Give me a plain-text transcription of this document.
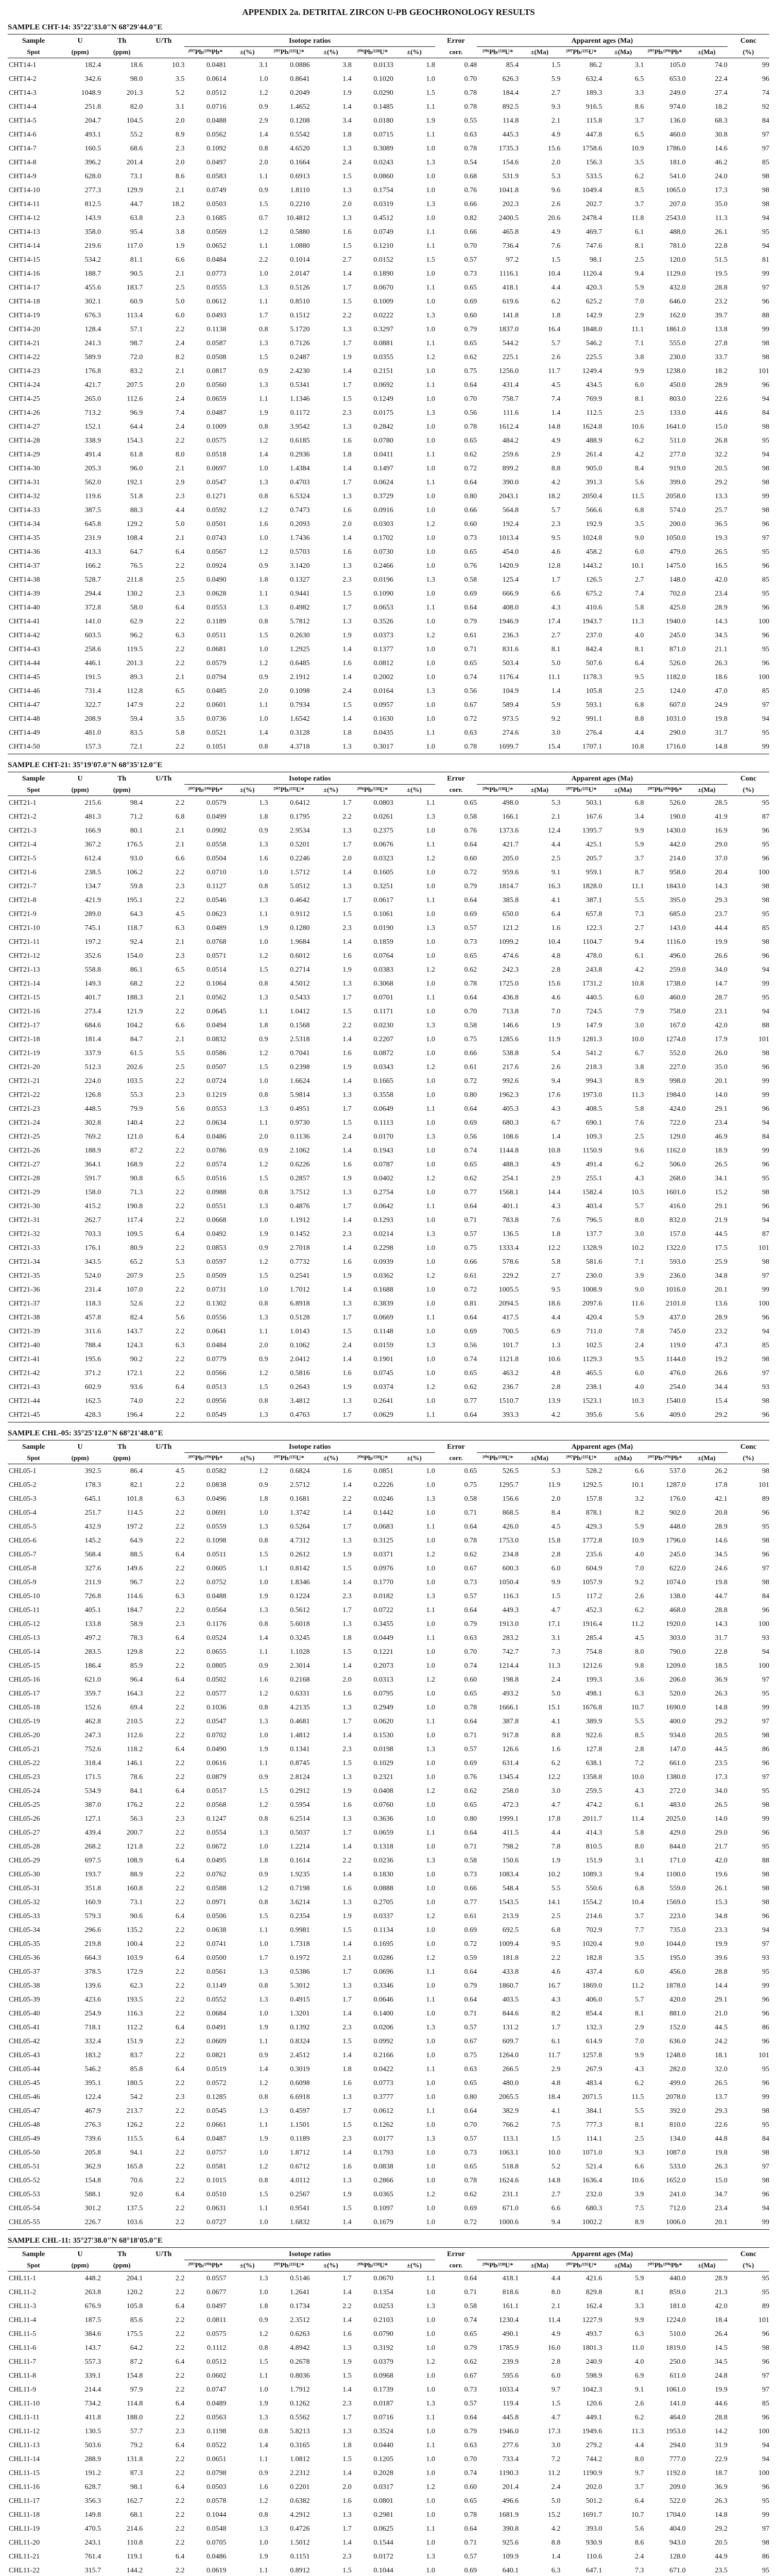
APPENDIX 2a. DETRITAL ZIRCON U-PB GEOCHRONOLOGY RESULTS
SAMPLE CHT-14: 35°22'33.0"N 68°29'44.0"E
Sample	U	Th	U/Th	Isotope ratios						Error	Apparent ages (Ma)						Conc
Spot	(ppm)	(ppm)		²⁰⁷Pb/²⁰⁶Pb*	±(%)	²⁰⁷Pb/²³⁵U*	±(%)	²⁰⁶Pb/²³⁸U*	±(%)	corr.	²⁰⁶Pb/²³⁸U*	±(Ma)	²⁰⁷Pb/²³⁵U*	±(Ma)	²⁰⁷Pb/²⁰⁶Pb*	±(Ma)	(%)
CHT14-1	182.4	18.6	10.3	0.0481	3.1	0.0886	3.8	0.0133	1.8	0.48	85.4	1.5	86.2	3.1	105.0	74.0	99
CHT14-2	342.6	98.0	3.5	0.0614	1.0	0.8641	1.4	0.1020	1.0	0.70	626.3	5.9	632.4	6.5	653.0	22.4	96
CHT14-3	1048.9	201.3	5.2	0.0512	1.2	0.2049	1.9	0.0290	1.5	0.78	184.4	2.7	189.3	3.3	249.0	27.4	74
CHT14-4	251.8	82.0	3.1	0.0716	0.9	1.4652	1.4	0.1485	1.1	0.78	892.5	9.3	916.5	8.6	974.0	18.2	92
CHT14-5	204.7	104.5	2.0	0.0488	2.9	0.1208	3.4	0.0180	1.9	0.55	114.8	2.1	115.8	3.7	136.0	68.3	84
CHT14-6	493.1	55.2	8.9	0.0562	1.4	0.5542	1.8	0.0715	1.1	0.63	445.3	4.9	447.8	6.5	460.0	30.8	97
CHT14-7	160.5	68.6	2.3	0.1092	0.8	4.6520	1.3	0.3089	1.0	0.78	1735.3	15.6	1758.6	10.9	1786.0	14.6	97
CHT14-8	396.2	201.4	2.0	0.0497	2.0	0.1664	2.4	0.0243	1.3	0.54	154.6	2.0	156.3	3.5	181.0	46.2	85
CHT14-9	628.0	73.1	8.6	0.0583	1.1	0.6913	1.5	0.0860	1.0	0.68	531.9	5.3	533.5	6.2	541.0	24.0	98
CHT14-10	277.3	129.9	2.1	0.0749	0.9	1.8110	1.3	0.1754	1.0	0.76	1041.8	9.6	1049.4	8.5	1065.0	17.3	98
CHT14-11	812.5	44.7	18.2	0.0503	1.5	0.2210	2.0	0.0319	1.3	0.66	202.3	2.6	202.7	3.7	207.0	35.0	98
CHT14-12	143.9	63.8	2.3	0.1685	0.7	10.4812	1.3	0.4512	1.0	0.82	2400.5	20.6	2478.4	11.8	2543.0	11.3	94
CHT14-13	358.0	95.4	3.8	0.0569	1.2	0.5880	1.6	0.0749	1.1	0.66	465.8	4.9	469.7	6.1	488.0	26.1	95
CHT14-14	219.6	117.0	1.9	0.0652	1.1	1.0880	1.5	0.1210	1.1	0.70	736.4	7.6	747.6	8.1	781.0	22.8	94
CHT14-15	534.2	81.1	6.6	0.0484	2.2	0.1014	2.7	0.0152	1.5	0.57	97.2	1.5	98.1	2.5	120.0	51.5	81
CHT14-16	188.7	90.5	2.1	0.0773	1.0	2.0147	1.4	0.1890	1.0	0.73	1116.1	10.4	1120.4	9.4	1129.0	19.5	99
CHT14-17	455.6	183.7	2.5	0.0555	1.3	0.5126	1.7	0.0670	1.1	0.65	418.1	4.4	420.3	5.9	432.0	28.8	97
CHT14-18	302.1	60.9	5.0	0.0612	1.1	0.8510	1.5	0.1009	1.0	0.69	619.6	6.2	625.2	7.0	646.0	23.2	96
CHT14-19	676.3	113.4	6.0	0.0493	1.7	0.1512	2.2	0.0222	1.3	0.60	141.8	1.8	142.9	2.9	162.0	39.7	88
CHT14-20	128.4	57.1	2.2	0.1138	0.8	5.1720	1.3	0.3297	1.0	0.79	1837.0	16.4	1848.0	11.1	1861.0	13.8	99
CHT14-21	241.3	98.7	2.4	0.0587	1.3	0.7126	1.7	0.0881	1.1	0.65	544.2	5.7	546.2	7.1	555.0	27.8	98
CHT14-22	589.9	72.0	8.2	0.0508	1.5	0.2487	1.9	0.0355	1.2	0.62	225.1	2.6	225.5	3.8	230.0	33.7	98
CHT14-23	176.8	83.2	2.1	0.0817	0.9	2.4230	1.4	0.2151	1.0	0.75	1256.0	11.7	1249.4	9.9	1238.0	18.2	101
CHT14-24	421.7	207.5	2.0	0.0560	1.3	0.5341	1.7	0.0692	1.1	0.64	431.4	4.5	434.5	6.0	450.0	28.9	96
CHT14-25	265.0	112.6	2.4	0.0659	1.1	1.1346	1.5	0.1249	1.0	0.70	758.7	7.4	769.9	8.1	803.0	22.6	94
CHT14-26	713.2	96.9	7.4	0.0487	1.9	0.1172	2.3	0.0175	1.3	0.56	111.6	1.4	112.5	2.5	133.0	44.6	84
CHT14-27	152.1	64.4	2.4	0.1009	0.8	3.9542	1.3	0.2842	1.0	0.78	1612.4	14.8	1624.8	10.6	1641.0	15.0	98
CHT14-28	338.9	154.3	2.2	0.0575	1.2	0.6185	1.6	0.0780	1.0	0.65	484.2	4.9	488.9	6.2	511.0	26.8	95
CHT14-29	491.4	61.8	8.0	0.0518	1.4	0.2936	1.8	0.0411	1.1	0.62	259.6	2.9	261.4	4.2	277.0	32.2	94
CHT14-30	205.3	96.0	2.1	0.0697	1.0	1.4384	1.4	0.1497	1.0	0.72	899.2	8.8	905.0	8.4	919.0	20.5	98
CHT14-31	562.0	192.1	2.9	0.0547	1.3	0.4703	1.7	0.0624	1.1	0.64	390.0	4.2	391.3	5.6	399.0	29.2	98
CHT14-32	119.6	51.8	2.3	0.1271	0.8	6.5324	1.3	0.3729	1.0	0.80	2043.1	18.2	2050.4	11.5	2058.0	13.3	99
CHT14-33	387.5	88.3	4.4	0.0592	1.2	0.7473	1.6	0.0916	1.0	0.66	564.8	5.7	566.6	6.8	574.0	25.7	98
CHT14-34	645.8	129.2	5.0	0.0501	1.6	0.2093	2.0	0.0303	1.2	0.60	192.4	2.3	192.9	3.5	200.0	36.5	96
CHT14-35	231.9	108.4	2.1	0.0743	1.0	1.7436	1.4	0.1702	1.0	0.73	1013.4	9.5	1024.8	9.0	1050.0	19.3	97
CHT14-36	413.3	64.7	6.4	0.0567	1.2	0.5703	1.6	0.0730	1.0	0.65	454.0	4.6	458.2	6.0	479.0	26.5	95
CHT14-37	166.2	76.5	2.2	0.0924	0.9	3.1420	1.3	0.2466	1.0	0.76	1420.9	12.8	1443.2	10.1	1475.0	16.5	96
CHT14-38	528.7	211.8	2.5	0.0490	1.8	0.1327	2.3	0.0196	1.3	0.58	125.4	1.7	126.5	2.7	148.0	42.0	85
CHT14-39	294.4	130.2	2.3	0.0628	1.1	0.9441	1.5	0.1090	1.0	0.69	666.9	6.6	675.2	7.4	702.0	23.4	95
CHT14-40	372.8	58.0	6.4	0.0553	1.3	0.4982	1.7	0.0653	1.1	0.64	408.0	4.3	410.6	5.8	425.0	28.9	96
CHT14-41	141.0	62.9	2.2	0.1189	0.8	5.7812	1.3	0.3526	1.0	0.79	1946.9	17.4	1943.7	11.3	1940.0	14.3	100
CHT14-42	603.5	96.2	6.3	0.0511	1.5	0.2630	1.9	0.0373	1.2	0.61	236.3	2.7	237.0	4.0	245.0	34.5	96
CHT14-43	258.6	119.5	2.2	0.0681	1.0	1.2925	1.4	0.1377	1.0	0.71	831.6	8.1	842.4	8.1	871.0	21.1	95
CHT14-44	446.1	201.3	2.2	0.0579	1.2	0.6485	1.6	0.0812	1.0	0.65	503.4	5.0	507.6	6.4	526.0	26.3	96
CHT14-45	191.5	89.3	2.1	0.0794	0.9	2.1912	1.4	0.2002	1.0	0.74	1176.4	11.1	1178.3	9.5	1182.0	18.6	100
CHT14-46	731.4	112.8	6.5	0.0485	2.0	0.1098	2.4	0.0164	1.3	0.56	104.9	1.4	105.8	2.5	124.0	47.0	85
CHT14-47	322.7	147.9	2.2	0.0601	1.1	0.7934	1.5	0.0957	1.0	0.67	589.4	5.9	593.1	6.8	607.0	24.9	97
CHT14-48	208.9	59.4	3.5	0.0736	1.0	1.6542	1.4	0.1630	1.0	0.72	973.5	9.2	991.1	8.8	1031.0	19.8	94
CHT14-49	481.0	83.5	5.8	0.0521	1.4	0.3128	1.8	0.0435	1.1	0.63	274.6	3.0	276.4	4.4	290.0	31.7	95
CHT14-50	157.3	72.1	2.2	0.1051	0.8	4.3718	1.3	0.3017	1.0	0.78	1699.7	15.4	1707.1	10.8	1716.0	14.8	99
SAMPLE CHT-21: 35°19'07.0"N 68°35'12.0"E
Sample	U	Th	U/Th	Isotope ratios						Error	Apparent ages (Ma)						Conc
Spot	(ppm)	(ppm)		²⁰⁷Pb/²⁰⁶Pb*	±(%)	²⁰⁷Pb/²³⁵U*	±(%)	²⁰⁶Pb/²³⁸U*	±(%)	corr.	²⁰⁶Pb/²³⁸U*	±(Ma)	²⁰⁷Pb/²³⁵U*	±(Ma)	²⁰⁷Pb/²⁰⁶Pb*	±(Ma)	(%)
CHT21-1	215.6	98.4	2.2	0.0579	1.3	0.6412	1.7	0.0803	1.1	0.65	498.0	5.3	503.1	6.8	526.0	28.5	95
CHT21-2	481.3	71.2	6.8	0.0499	1.8	0.1795	2.2	0.0261	1.3	0.58	166.1	2.1	167.6	3.4	190.0	41.9	87
CHT21-3	166.9	80.1	2.1	0.0902	0.9	2.9534	1.3	0.2375	1.0	0.76	1373.6	12.4	1395.7	9.9	1430.0	16.9	96
CHT21-4	367.2	176.5	2.1	0.0558	1.3	0.5201	1.7	0.0676	1.1	0.64	421.7	4.4	425.1	5.9	442.0	29.0	95
CHT21-5	612.4	93.0	6.6	0.0504	1.6	0.2246	2.0	0.0323	1.2	0.60	205.0	2.5	205.7	3.7	214.0	37.0	96
CHT21-6	238.5	106.2	2.2	0.0710	1.0	1.5712	1.4	0.1605	1.0	0.72	959.6	9.1	959.1	8.7	958.0	20.4	100
CHT21-7	134.7	59.8	2.3	0.1127	0.8	5.0512	1.3	0.3251	1.0	0.79	1814.7	16.3	1828.0	11.1	1843.0	14.3	98
CHT21-8	421.9	195.1	2.2	0.0546	1.3	0.4642	1.7	0.0617	1.1	0.64	385.8	4.1	387.1	5.5	395.0	29.3	98
CHT21-9	289.0	64.3	4.5	0.0623	1.1	0.9112	1.5	0.1061	1.0	0.69	650.0	6.4	657.8	7.3	685.0	23.7	95
CHT21-10	745.1	118.7	6.3	0.0489	1.9	0.1280	2.3	0.0190	1.3	0.57	121.2	1.6	122.3	2.7	143.0	44.4	85
CHT21-11	197.2	92.4	2.1	0.0768	1.0	1.9684	1.4	0.1859	1.0	0.73	1099.2	10.4	1104.7	9.4	1116.0	19.9	98
CHT21-12	352.6	154.0	2.3	0.0571	1.2	0.6012	1.6	0.0764	1.0	0.65	474.6	4.8	478.0	6.1	496.0	26.6	96
CHT21-13	558.8	86.1	6.5	0.0514	1.5	0.2714	1.9	0.0383	1.2	0.62	242.3	2.8	243.8	4.2	259.0	34.0	94
CHT21-14	149.3	68.2	2.2	0.1064	0.8	4.5012	1.3	0.3068	1.0	0.78	1725.0	15.6	1731.2	10.8	1738.0	14.7	99
CHT21-15	401.7	188.3	2.1	0.0562	1.3	0.5433	1.7	0.0701	1.1	0.64	436.8	4.6	440.5	6.0	460.0	28.7	95
CHT21-16	273.4	121.9	2.2	0.0645	1.1	1.0412	1.5	0.1171	1.0	0.70	713.8	7.0	724.5	7.9	758.0	23.1	94
CHT21-17	684.6	104.2	6.6	0.0494	1.8	0.1568	2.2	0.0230	1.3	0.58	146.6	1.9	147.9	3.0	167.0	42.0	88
CHT21-18	181.4	84.7	2.1	0.0832	0.9	2.5318	1.4	0.2207	1.0	0.75	1285.6	11.9	1281.3	10.0	1274.0	17.9	101
CHT21-19	337.9	61.5	5.5	0.0586	1.2	0.7041	1.6	0.0872	1.0	0.66	538.8	5.4	541.2	6.7	552.0	26.0	98
CHT21-20	512.3	202.6	2.5	0.0507	1.5	0.2398	1.9	0.0343	1.2	0.61	217.6	2.6	218.3	3.8	227.0	35.0	96
CHT21-21	224.0	103.5	2.2	0.0724	1.0	1.6624	1.4	0.1665	1.0	0.72	992.6	9.4	994.3	8.9	998.0	20.1	99
CHT21-22	126.8	55.3	2.3	0.1219	0.8	5.9814	1.3	0.3558	1.0	0.80	1962.3	17.6	1973.0	11.3	1984.0	14.0	99
CHT21-23	448.5	79.9	5.6	0.0553	1.3	0.4951	1.7	0.0649	1.1	0.64	405.3	4.3	408.5	5.8	424.0	29.1	96
CHT21-24	302.8	140.4	2.2	0.0634	1.1	0.9730	1.5	0.1113	1.0	0.69	680.3	6.7	690.1	7.6	722.0	23.4	94
CHT21-25	769.2	121.0	6.4	0.0486	2.0	0.1136	2.4	0.0170	1.3	0.56	108.6	1.4	109.3	2.5	129.0	46.9	84
CHT21-26	188.9	87.2	2.2	0.0786	0.9	2.1062	1.4	0.1943	1.0	0.74	1144.8	10.8	1150.9	9.6	1162.0	18.9	99
CHT21-27	364.1	168.9	2.2	0.0574	1.2	0.6226	1.6	0.0787	1.0	0.65	488.3	4.9	491.4	6.2	506.0	26.5	96
CHT21-28	591.7	90.8	6.5	0.0516	1.5	0.2857	1.9	0.0402	1.2	0.62	254.1	2.9	255.1	4.3	268.0	34.1	95
CHT21-29	158.0	71.3	2.2	0.0988	0.8	3.7512	1.3	0.2754	1.0	0.77	1568.1	14.4	1582.4	10.5	1601.0	15.2	98
CHT21-30	415.2	190.8	2.2	0.0551	1.3	0.4876	1.7	0.0642	1.1	0.64	401.1	4.3	403.4	5.7	416.0	29.1	96
CHT21-31	262.7	117.4	2.2	0.0668	1.0	1.1912	1.4	0.1293	1.0	0.71	783.8	7.6	796.5	8.0	832.0	21.9	94
CHT21-32	703.3	109.5	6.4	0.0492	1.9	0.1452	2.3	0.0214	1.3	0.57	136.5	1.8	137.7	3.0	157.0	44.5	87
CHT21-33	176.1	80.9	2.2	0.0853	0.9	2.7018	1.4	0.2298	1.0	0.75	1333.4	12.2	1328.9	10.2	1322.0	17.5	101
CHT21-34	343.5	65.2	5.3	0.0597	1.2	0.7732	1.6	0.0939	1.0	0.66	578.6	5.8	581.6	7.1	593.0	25.9	98
CHT21-35	524.0	207.9	2.5	0.0509	1.5	0.2541	1.9	0.0362	1.2	0.61	229.2	2.7	230.0	3.9	236.0	34.8	97
CHT21-36	231.4	107.0	2.2	0.0731	1.0	1.7012	1.4	0.1688	1.0	0.72	1005.5	9.5	1008.9	9.0	1016.0	20.1	99
CHT21-37	118.3	52.6	2.2	0.1302	0.8	6.8918	1.3	0.3839	1.0	0.81	2094.5	18.6	2097.6	11.6	2101.0	13.6	100
CHT21-38	457.8	82.4	5.6	0.0556	1.3	0.5128	1.7	0.0669	1.1	0.64	417.5	4.4	420.4	5.9	437.0	28.9	96
CHT21-39	311.6	143.7	2.2	0.0641	1.1	1.0143	1.5	0.1148	1.0	0.69	700.5	6.9	711.0	7.8	745.0	23.2	94
CHT21-40	788.4	124.3	6.3	0.0484	2.0	0.1062	2.4	0.0159	1.3	0.56	101.7	1.3	102.5	2.4	119.0	47.3	85
CHT21-41	195.6	90.2	2.2	0.0779	0.9	2.0412	1.4	0.1901	1.0	0.74	1121.8	10.6	1129.3	9.5	1144.0	19.2	98
CHT21-42	371.2	172.1	2.2	0.0566	1.2	0.5816	1.6	0.0745	1.0	0.65	463.2	4.8	465.5	6.0	476.0	26.6	97
CHT21-43	602.9	93.6	6.4	0.0513	1.5	0.2643	1.9	0.0374	1.2	0.62	236.7	2.8	238.1	4.0	254.0	34.4	93
CHT21-44	162.5	74.0	2.2	0.0956	0.8	3.4812	1.3	0.2641	1.0	0.77	1510.7	13.9	1523.1	10.3	1540.0	15.4	98
CHT21-45	428.3	196.4	2.2	0.0549	1.3	0.4763	1.7	0.0629	1.1	0.64	393.3	4.2	395.6	5.6	409.0	29.2	96
SAMPLE CHL-05: 35°25'12.0"N 68°21'48.0"E
Sample	U	Th	U/Th	Isotope ratios						Error	Apparent ages (Ma)						Conc
Spot	(ppm)	(ppm)		²⁰⁷Pb/²⁰⁶Pb*	±(%)	²⁰⁷Pb/²³⁵U*	±(%)	²⁰⁶Pb/²³⁸U*	±(%)	corr.	²⁰⁶Pb/²³⁸U*	±(Ma)	²⁰⁷Pb/²³⁵U*	±(Ma)	²⁰⁷Pb/²⁰⁶Pb*	±(Ma)	(%)
CHL05-1	392.5	86.4	4.5	0.0582	1.2	0.6824	1.6	0.0851	1.0	0.65	526.5	5.3	528.2	6.6	537.0	26.2	98
CHL05-2	178.3	82.1	2.2	0.0838	0.9	2.5712	1.4	0.2226	1.0	0.75	1295.7	11.9	1292.5	10.1	1287.0	17.8	101
CHL05-3	645.1	101.8	6.3	0.0496	1.8	0.1681	2.2	0.0246	1.3	0.58	156.6	2.0	157.8	3.2	176.0	42.1	89
CHL05-4	251.7	114.5	2.2	0.0691	1.0	1.3742	1.4	0.1442	1.0	0.71	868.5	8.4	878.1	8.2	902.0	20.8	96
CHL05-5	432.9	197.2	2.2	0.0559	1.3	0.5264	1.7	0.0683	1.1	0.64	426.0	4.5	429.3	5.9	448.0	28.9	95
CHL05-6	145.2	64.9	2.2	0.1098	0.8	4.7312	1.3	0.3125	1.0	0.78	1753.0	15.8	1772.8	10.9	1796.0	14.6	98
CHL05-7	568.4	88.5	6.4	0.0511	1.5	0.2612	1.9	0.0371	1.2	0.62	234.8	2.8	235.6	4.0	245.0	34.5	96
CHL05-8	327.6	149.6	2.2	0.0605	1.1	0.8142	1.5	0.0976	1.0	0.67	600.3	6.0	604.9	7.0	622.0	24.6	97
CHL05-9	211.9	96.7	2.2	0.0752	1.0	1.8346	1.4	0.1770	1.0	0.73	1050.4	9.9	1057.9	9.2	1074.0	19.8	98
CHL05-10	726.8	114.6	6.3	0.0488	1.9	0.1224	2.3	0.0182	1.3	0.57	116.3	1.5	117.2	2.6	138.0	44.7	84
CHL05-11	405.1	184.7	2.2	0.0564	1.3	0.5612	1.7	0.0722	1.1	0.64	449.3	4.7	452.3	6.2	468.0	28.8	96
CHL05-12	133.8	58.9	2.3	0.1176	0.8	5.6018	1.3	0.3455	1.0	0.79	1913.0	17.1	1916.4	11.2	1920.0	14.3	100
CHL05-13	497.2	78.3	6.4	0.0524	1.4	0.3245	1.8	0.0449	1.1	0.63	283.2	3.1	285.4	4.5	303.0	31.7	93
CHL05-14	283.5	129.8	2.2	0.0655	1.1	1.1028	1.5	0.1221	1.0	0.70	742.7	7.3	754.8	8.0	790.0	22.8	94
CHL05-15	186.4	85.9	2.2	0.0805	0.9	2.3014	1.4	0.2073	1.0	0.74	1214.4	11.3	1212.6	9.8	1209.0	18.5	100
CHL05-16	621.0	96.4	6.4	0.0502	1.6	0.2168	2.0	0.0313	1.2	0.60	198.8	2.4	199.3	3.6	206.0	36.9	97
CHL05-17	359.7	164.3	2.2	0.0577	1.2	0.6331	1.6	0.0795	1.0	0.65	493.2	5.0	498.1	6.3	520.0	26.3	95
CHL05-18	152.6	69.4	2.2	0.1036	0.8	4.2135	1.3	0.2949	1.0	0.78	1666.1	15.1	1676.8	10.7	1690.0	14.8	99
CHL05-19	462.8	210.5	2.2	0.0547	1.3	0.4681	1.7	0.0620	1.1	0.64	387.8	4.1	389.9	5.5	400.0	29.2	97
CHL05-20	247.3	112.6	2.2	0.0702	1.0	1.4812	1.4	0.1530	1.0	0.71	917.8	8.8	922.6	8.5	934.0	20.5	98
CHL05-21	752.6	118.2	6.4	0.0490	1.9	0.1341	2.3	0.0198	1.3	0.57	126.6	1.6	127.8	2.8	147.0	44.5	86
CHL05-22	318.4	146.1	2.2	0.0616	1.1	0.8745	1.5	0.1029	1.0	0.69	631.4	6.2	638.1	7.2	661.0	23.5	96
CHL05-23	171.5	78.6	2.2	0.0879	0.9	2.8124	1.3	0.2321	1.0	0.76	1345.4	12.2	1358.8	10.0	1380.0	17.3	97
CHL05-24	534.9	84.1	6.4	0.0517	1.5	0.2912	1.9	0.0408	1.2	0.62	258.0	3.0	259.5	4.3	272.0	34.0	95
CHL05-25	387.0	176.2	2.2	0.0568	1.2	0.5954	1.6	0.0760	1.0	0.65	472.3	4.7	474.2	6.1	483.0	26.5	98
CHL05-26	127.1	56.3	2.3	0.1247	0.8	6.2514	1.3	0.3636	1.0	0.80	1999.1	17.8	2011.7	11.4	2025.0	14.0	99
CHL05-27	439.4	200.7	2.2	0.0554	1.3	0.5037	1.7	0.0659	1.1	0.64	411.5	4.4	414.3	5.8	429.0	29.0	96
CHL05-28	268.2	121.8	2.2	0.0672	1.0	1.2214	1.4	0.1318	1.0	0.71	798.2	7.8	810.5	8.0	844.0	21.7	95
CHL05-29	697.5	108.9	6.4	0.0495	1.8	0.1614	2.2	0.0236	1.3	0.58	150.6	1.9	151.9	3.1	171.0	42.0	88
CHL05-30	193.7	88.9	2.2	0.0762	0.9	1.9235	1.4	0.1830	1.0	0.73	1083.4	10.2	1089.3	9.4	1100.0	19.6	98
CHL05-31	351.8	160.8	2.2	0.0588	1.2	0.7198	1.6	0.0888	1.0	0.66	548.4	5.5	550.6	6.8	559.0	26.1	98
CHL05-32	160.9	73.1	2.2	0.0971	0.8	3.6214	1.3	0.2705	1.0	0.77	1543.5	14.1	1554.2	10.4	1569.0	15.3	98
CHL05-33	579.3	90.6	6.4	0.0506	1.5	0.2354	1.9	0.0337	1.2	0.61	213.9	2.5	214.6	3.7	223.0	34.8	96
CHL05-34	296.6	135.2	2.2	0.0638	1.1	0.9981	1.5	0.1134	1.0	0.69	692.5	6.8	702.9	7.7	735.0	23.3	94
CHL05-35	219.8	100.4	2.2	0.0741	1.0	1.7318	1.4	0.1695	1.0	0.72	1009.4	9.5	1020.4	9.0	1044.0	19.9	97
CHL05-36	664.3	103.9	6.4	0.0500	1.7	0.1972	2.1	0.0286	1.2	0.59	181.8	2.2	182.8	3.5	195.0	39.6	93
CHL05-37	378.5	172.9	2.2	0.0561	1.3	0.5386	1.7	0.0696	1.1	0.64	433.8	4.6	437.4	6.0	456.0	28.8	95
CHL05-38	139.6	62.3	2.2	0.1149	0.8	5.3012	1.3	0.3346	1.0	0.79	1860.7	16.7	1869.0	11.2	1878.0	14.4	99
CHL05-39	423.6	193.5	2.2	0.0552	1.3	0.4915	1.7	0.0646	1.1	0.64	403.5	4.3	406.0	5.7	420.0	29.1	96
CHL05-40	254.9	116.3	2.2	0.0684	1.0	1.3201	1.4	0.1400	1.0	0.71	844.6	8.2	854.4	8.1	881.0	21.0	96
CHL05-41	718.1	112.2	6.4	0.0491	1.9	0.1392	2.3	0.0206	1.3	0.57	131.2	1.7	132.3	2.9	152.0	44.5	86
CHL05-42	332.4	151.9	2.2	0.0609	1.1	0.8324	1.5	0.0992	1.0	0.67	609.7	6.1	614.9	7.0	636.0	24.2	96
CHL05-43	183.2	83.7	2.2	0.0821	0.9	2.4512	1.4	0.2166	1.0	0.75	1264.0	11.7	1257.8	9.9	1248.0	18.1	101
CHL05-44	546.2	85.8	6.4	0.0519	1.4	0.3019	1.8	0.0422	1.1	0.63	266.5	2.9	267.9	4.3	282.0	32.0	95
CHL05-45	395.1	180.5	2.2	0.0572	1.2	0.6098	1.6	0.0773	1.0	0.65	480.0	4.8	483.4	6.2	499.0	26.5	96
CHL05-46	122.4	54.2	2.3	0.1285	0.8	6.6918	1.3	0.3777	1.0	0.80	2065.5	18.4	2071.5	11.5	2078.0	13.7	99
CHL05-47	467.9	213.7	2.2	0.0545	1.3	0.4597	1.7	0.0612	1.1	0.64	382.9	4.1	384.1	5.5	392.0	29.3	98
CHL05-48	276.3	126.2	2.2	0.0661	1.1	1.1501	1.5	0.1262	1.0	0.70	766.2	7.5	777.3	8.1	810.0	22.6	95
CHL05-49	739.6	115.5	6.4	0.0487	1.9	0.1189	2.3	0.0177	1.3	0.57	113.1	1.5	114.1	2.5	134.0	44.8	84
CHL05-50	205.8	94.1	2.2	0.0757	1.0	1.8712	1.4	0.1793	1.0	0.73	1063.1	10.0	1071.0	9.3	1087.0	19.8	98
CHL05-51	362.9	165.8	2.2	0.0581	1.2	0.6712	1.6	0.0838	1.0	0.65	518.8	5.2	521.4	6.6	533.0	26.3	97
CHL05-52	154.8	70.6	2.2	0.1015	0.8	4.0112	1.3	0.2866	1.0	0.78	1624.6	14.8	1636.4	10.6	1652.0	15.0	98
CHL05-53	588.1	92.0	6.4	0.0510	1.5	0.2567	1.9	0.0365	1.2	0.62	231.1	2.7	232.0	3.9	241.0	34.7	96
CHL05-54	301.2	137.5	2.2	0.0631	1.1	0.9541	1.5	0.1097	1.0	0.69	671.0	6.6	680.3	7.5	712.0	23.4	94
CHL05-55	226.7	103.6	2.2	0.0727	1.0	1.6832	1.4	0.1679	1.0	0.72	1000.6	9.4	1002.2	8.9	1006.0	20.1	99
SAMPLE CHL-11: 35°27'38.0"N 68°18'05.0"E
Sample	U	Th	U/Th	Isotope ratios						Error	Apparent ages (Ma)						Conc
Spot	(ppm)	(ppm)		²⁰⁷Pb/²⁰⁶Pb*	±(%)	²⁰⁷Pb/²³⁵U*	±(%)	²⁰⁶Pb/²³⁸U*	±(%)	corr.	²⁰⁶Pb/²³⁸U*	±(Ma)	²⁰⁷Pb/²³⁵U*	±(Ma)	²⁰⁷Pb/²⁰⁶Pb*	±(Ma)	(%)
CHL11-1	448.2	204.1	2.2	0.0557	1.3	0.5146	1.7	0.0670	1.1	0.64	418.1	4.4	421.6	5.9	440.0	28.9	95
CHL11-2	263.8	120.2	2.2	0.0677	1.0	1.2641	1.4	0.1354	1.0	0.71	818.6	8.0	829.8	8.1	859.0	21.3	95
CHL11-3	676.9	105.8	6.4	0.0497	1.8	0.1734	2.2	0.0253	1.3	0.58	161.1	2.1	162.4	3.3	181.0	42.0	89
CHL11-4	187.5	85.6	2.2	0.0811	0.9	2.3512	1.4	0.2103	1.0	0.74	1230.4	11.4	1227.9	9.9	1224.0	18.4	101
CHL11-5	384.6	175.5	2.2	0.0575	1.2	0.6263	1.6	0.0790	1.0	0.65	490.1	4.9	493.7	6.3	510.0	26.4	96
CHL11-6	143.7	64.2	2.2	0.1112	0.8	4.8942	1.3	0.3192	1.0	0.79	1785.9	16.0	1801.3	11.0	1819.0	14.5	98
CHL11-7	557.3	87.2	6.4	0.0512	1.5	0.2678	1.9	0.0379	1.2	0.62	239.9	2.8	240.9	4.0	250.0	34.5	96
CHL11-8	339.1	154.8	2.2	0.0602	1.1	0.8036	1.5	0.0968	1.0	0.67	595.6	6.0	598.9	6.9	611.0	24.8	97
CHL11-9	214.4	97.9	2.2	0.0747	1.0	1.7912	1.4	0.1739	1.0	0.73	1033.4	9.7	1042.3	9.1	1061.0	19.9	97
CHL11-10	734.2	114.8	6.4	0.0489	1.9	0.1262	2.3	0.0187	1.3	0.57	119.4	1.5	120.6	2.6	141.0	44.6	85
CHL11-11	411.8	188.0	2.2	0.0563	1.3	0.5562	1.7	0.0716	1.1	0.64	445.8	4.7	449.1	6.2	464.0	28.8	96
CHL11-12	130.5	57.7	2.3	0.1198	0.8	5.8213	1.3	0.3524	1.0	0.79	1946.0	17.3	1949.6	11.3	1953.0	14.2	100
CHL11-13	503.6	79.2	6.4	0.0522	1.4	0.3165	1.8	0.0440	1.1	0.63	277.6	3.0	279.2	4.4	294.0	31.9	94
CHL11-14	288.9	131.8	2.2	0.0651	1.1	1.0812	1.5	0.1205	1.0	0.70	733.4	7.2	744.2	8.0	777.0	22.9	94
CHL11-15	191.2	87.3	2.2	0.0798	0.9	2.2312	1.4	0.2028	1.0	0.74	1190.3	11.2	1190.9	9.7	1192.0	18.7	100
CHL11-16	628.7	98.1	6.4	0.0503	1.6	0.2201	2.0	0.0317	1.2	0.60	201.4	2.4	202.0	3.7	209.0	36.9	96
CHL11-17	356.3	162.7	2.2	0.0578	1.2	0.6382	1.6	0.0801	1.0	0.65	496.6	5.0	501.2	6.4	522.0	26.3	95
CHL11-18	149.8	68.1	2.2	0.1044	0.8	4.2912	1.3	0.2981	1.0	0.78	1681.9	15.2	1691.7	10.7	1704.0	14.8	99
CHL11-19	470.5	214.6	2.2	0.0548	1.3	0.4726	1.7	0.0625	1.1	0.64	390.8	4.2	393.0	5.6	404.0	29.2	97
CHL11-20	243.1	110.8	2.2	0.0705	1.0	1.5012	1.4	0.1544	1.0	0.71	925.6	8.8	930.9	8.6	943.0	20.5	98
CHL11-21	761.4	119.1	6.4	0.0486	1.9	0.1151	2.3	0.0172	1.3	0.57	109.9	1.4	110.6	2.4	128.0	44.9	86
CHL11-22	315.7	144.2	2.2	0.0619	1.1	0.8912	1.5	0.1044	1.0	0.69	640.1	6.3	647.1	7.3	671.0	23.5	95
